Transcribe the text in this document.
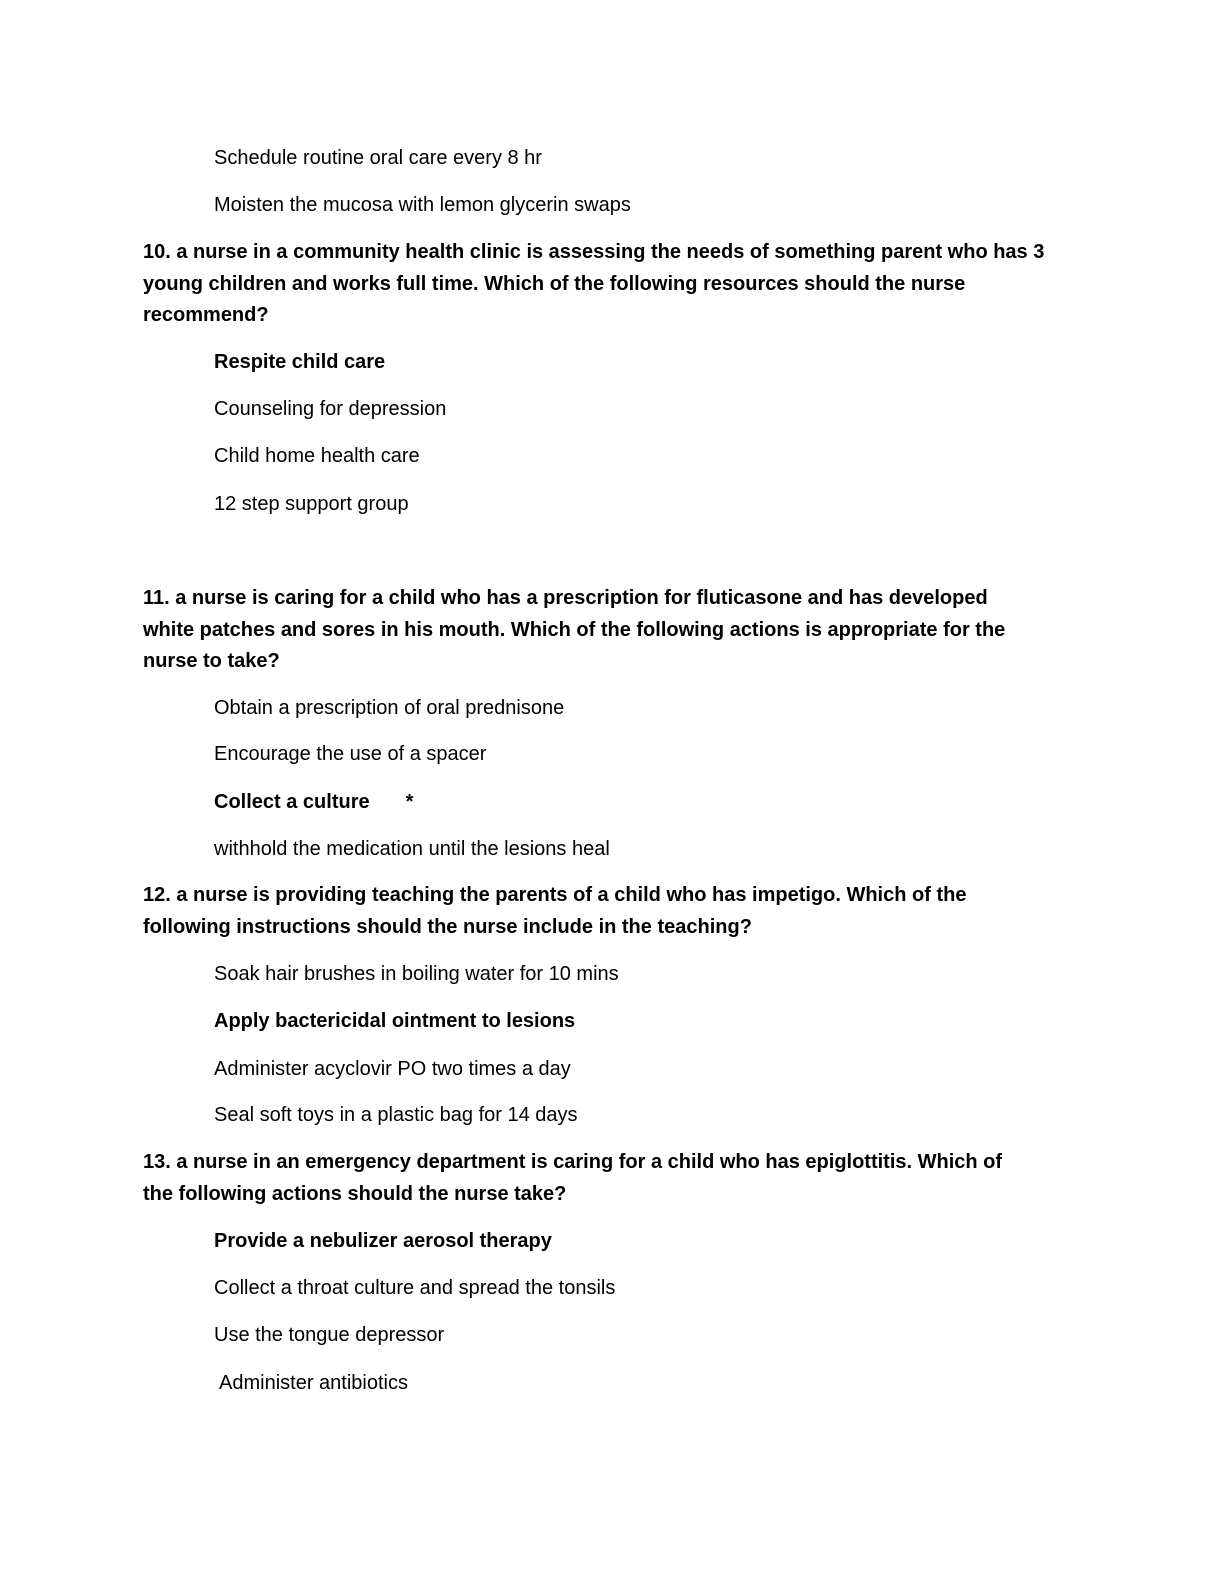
Schedule routine oral care every 8 hr
Moisten the mucosa with lemon glycerin swaps
10. a nurse in a community health clinic is assessing the needs of something parent who has 3
young children and works full time. Which of the following resources should the nurse
recommend?
Respite child care
Counseling for depression
Child home health care
12 step support group
11. a nurse is caring for a child who has a prescription for fluticasone and has developed
white patches and sores in his mouth. Which of the following actions is appropriate for the
nurse to take?
Obtain a prescription of oral prednisone
Encourage the use of a spacer
Collect a culture *
withhold the medication until the lesions heal
12. a nurse is providing teaching the parents of a child who has impetigo. Which of the
following instructions should the nurse include in the teaching?
Soak hair brushes in boiling water for 10 mins
Apply bactericidal ointment to lesions
Administer acyclovir PO two times a day
Seal soft toys in a plastic bag for 14 days
13. a nurse in an emergency department is caring for a child who has epiglottitis. Which of
the following actions should the nurse take?
Provide a nebulizer aerosol therapy
Collect a throat culture and spread the tonsils
Use the tongue depressor
Administer antibiotics
